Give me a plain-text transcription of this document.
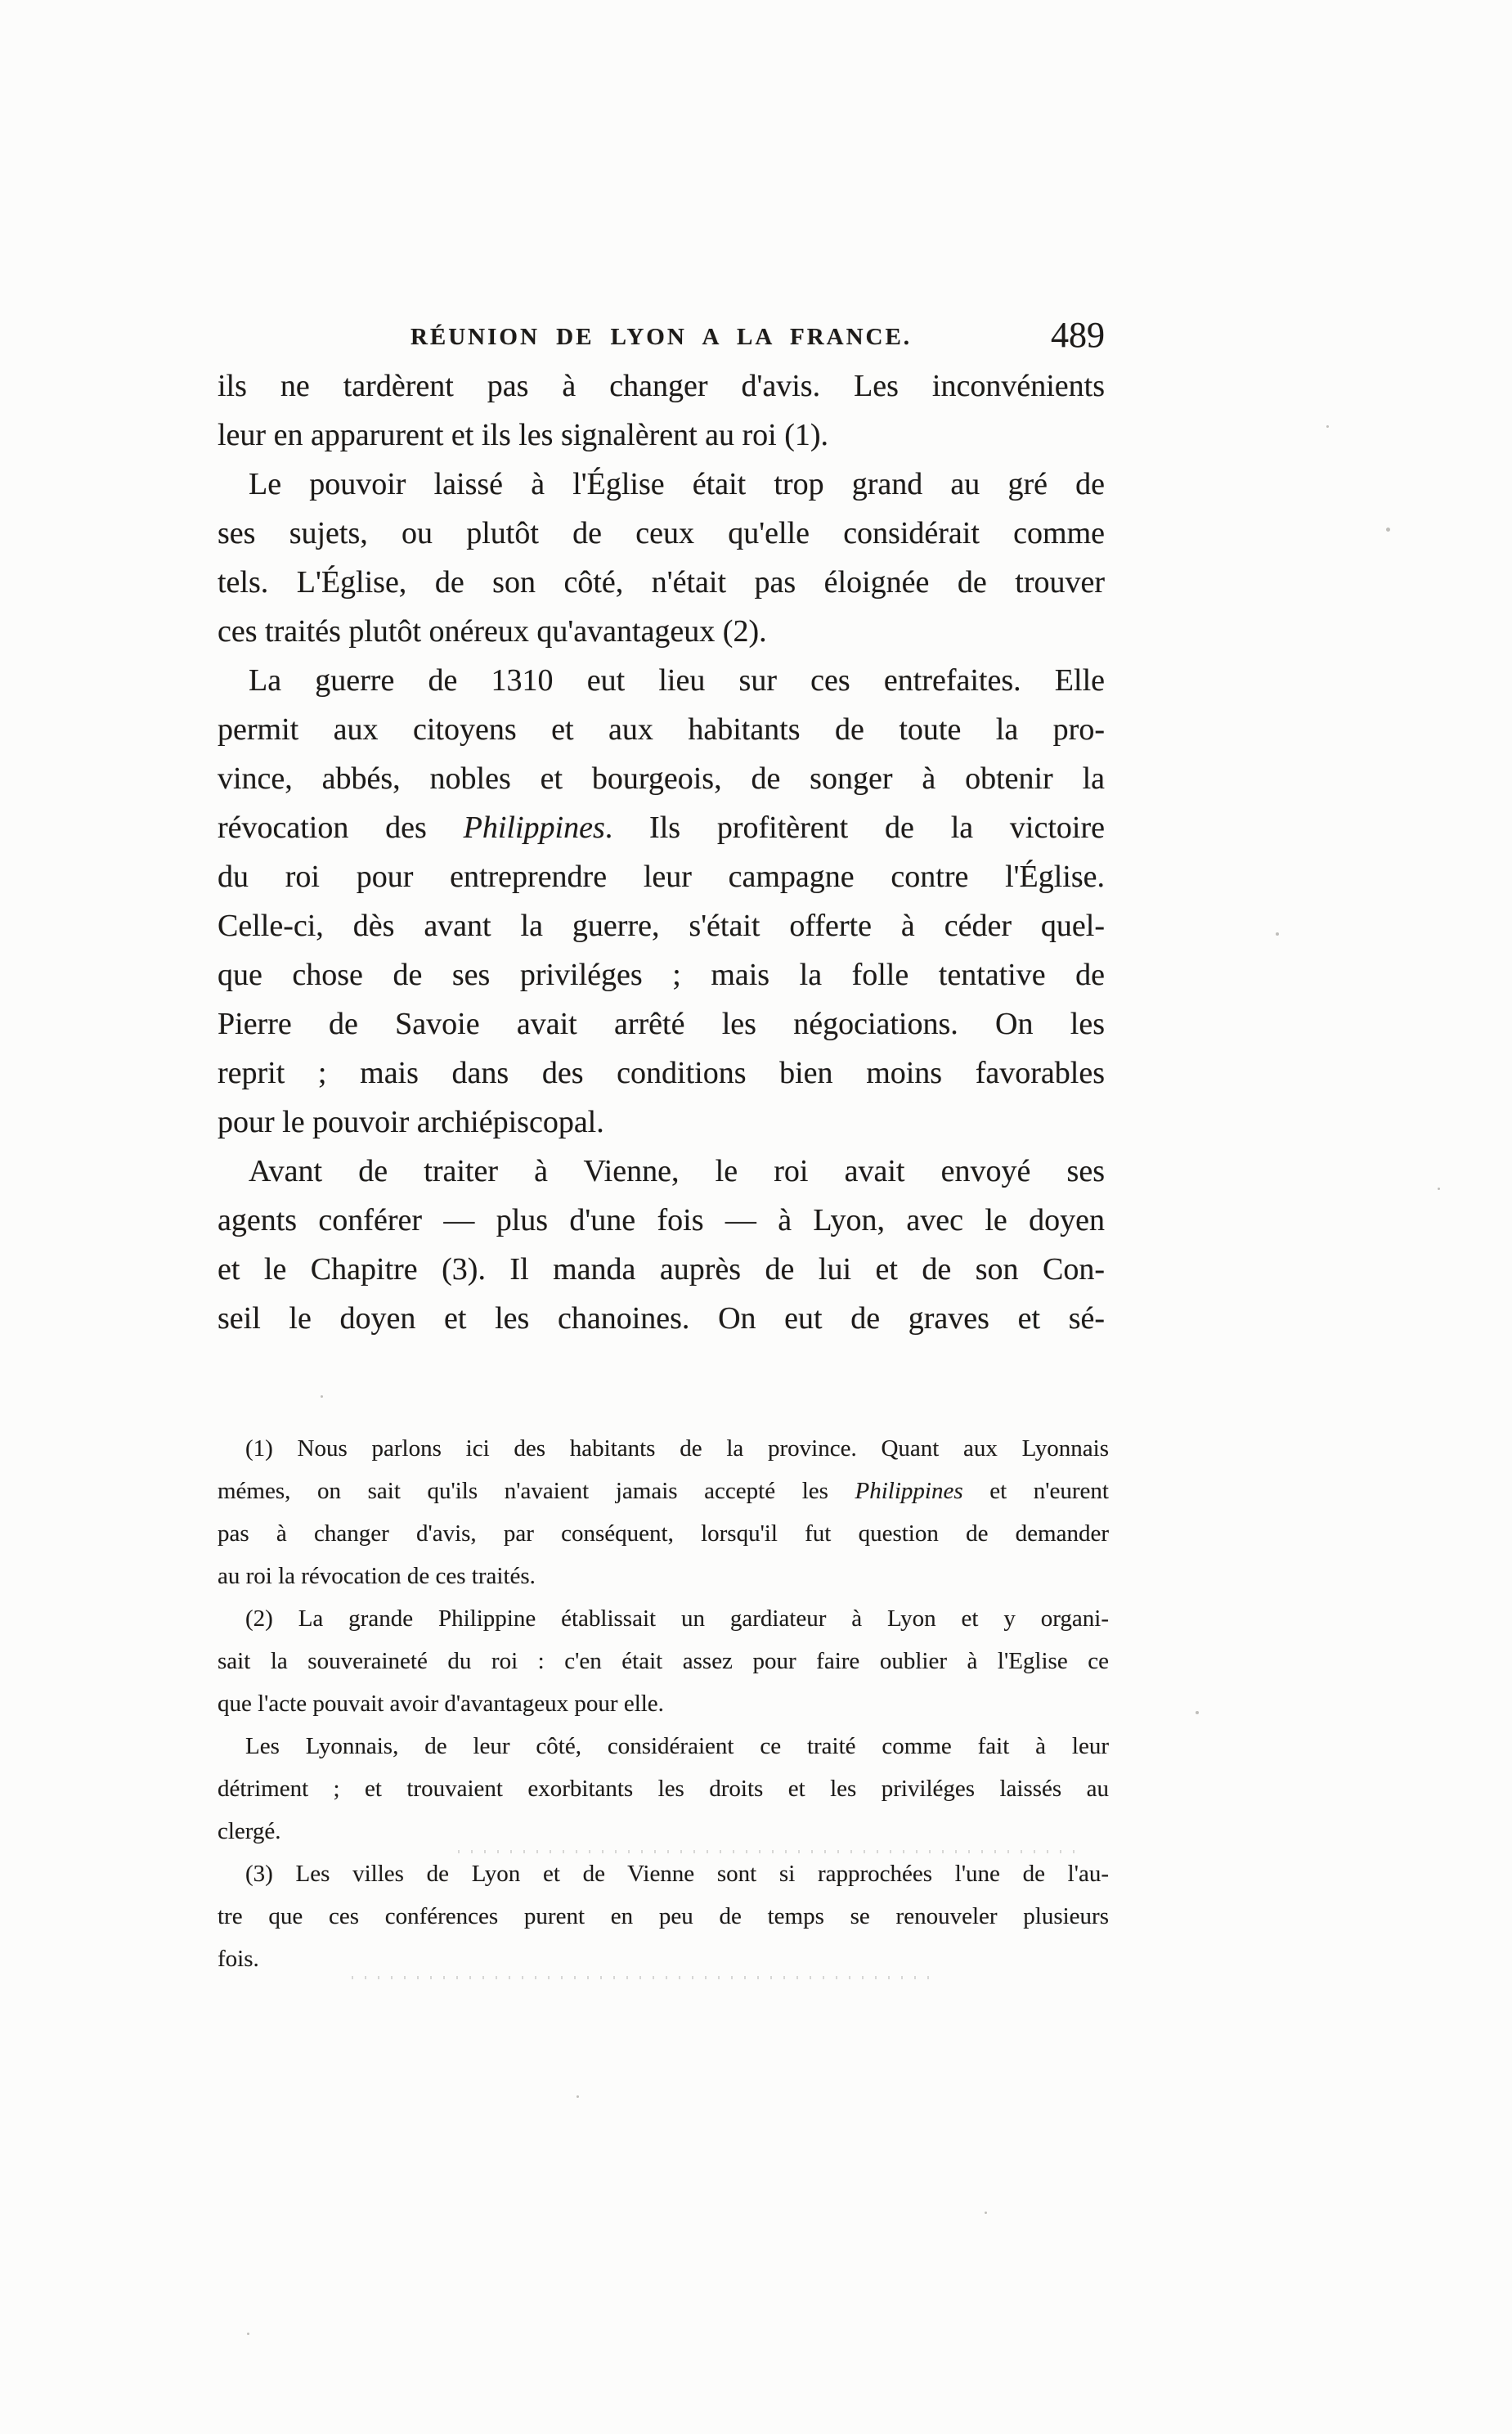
RÉUNION DE LYON A LA FRANCE.	489
ils ne tardèrent pas à changer d'avis. Les inconvénients
leur en apparurent et ils les signalèrent au roi (1).
Le pouvoir laissé à l'Église était trop grand au gré de
ses sujets, ou plutôt de ceux qu'elle considérait comme
tels. L'Église, de son côté, n'était pas éloignée de trouver
ces traités plutôt onéreux qu'avantageux (2).
La guerre de 1310 eut lieu sur ces entrefaites. Elle
permit aux citoyens et aux habitants de toute la pro-
vince, abbés, nobles et bourgeois, de songer à obtenir la
révocation des Philippines. Ils profitèrent de la victoire
du roi pour entreprendre leur campagne contre l'Église.
Celle-ci, dès avant la guerre, s'était offerte à céder quel-
que chose de ses priviléges ; mais la folle tentative de
Pierre de Savoie avait arrêté les négociations. On les
reprit ; mais dans des conditions bien moins favorables
pour le pouvoir archiépiscopal.
Avant de traiter à Vienne, le roi avait envoyé ses
agents conférer — plus d'une fois — à Lyon, avec le doyen
et le Chapitre (3). Il manda auprès de lui et de son Con-
seil le doyen et les chanoines. On eut de graves et sé-
(1) Nous parlons ici des habitants de la province. Quant aux Lyonnais
mémes, on sait qu'ils n'avaient jamais accepté les Philippines et n'eurent
pas à changer d'avis, par conséquent, lorsqu'il fut question de demander
au roi la révocation de ces traités.
(2) La grande Philippine établissait un gardiateur à Lyon et y organi-
sait la souveraineté du roi : c'en était assez pour faire oublier à l'Eglise ce
que l'acte pouvait avoir d'avantageux pour elle.
Les Lyonnais, de leur côté, considéraient ce traité comme fait à leur
détriment ; et trouvaient exorbitants les droits et les priviléges laissés au
clergé.
(3) Les villes de Lyon et de Vienne sont si rapprochées l'une de l'au-
tre que ces conférences purent en peu de temps se renouveler plusieurs
fois.
